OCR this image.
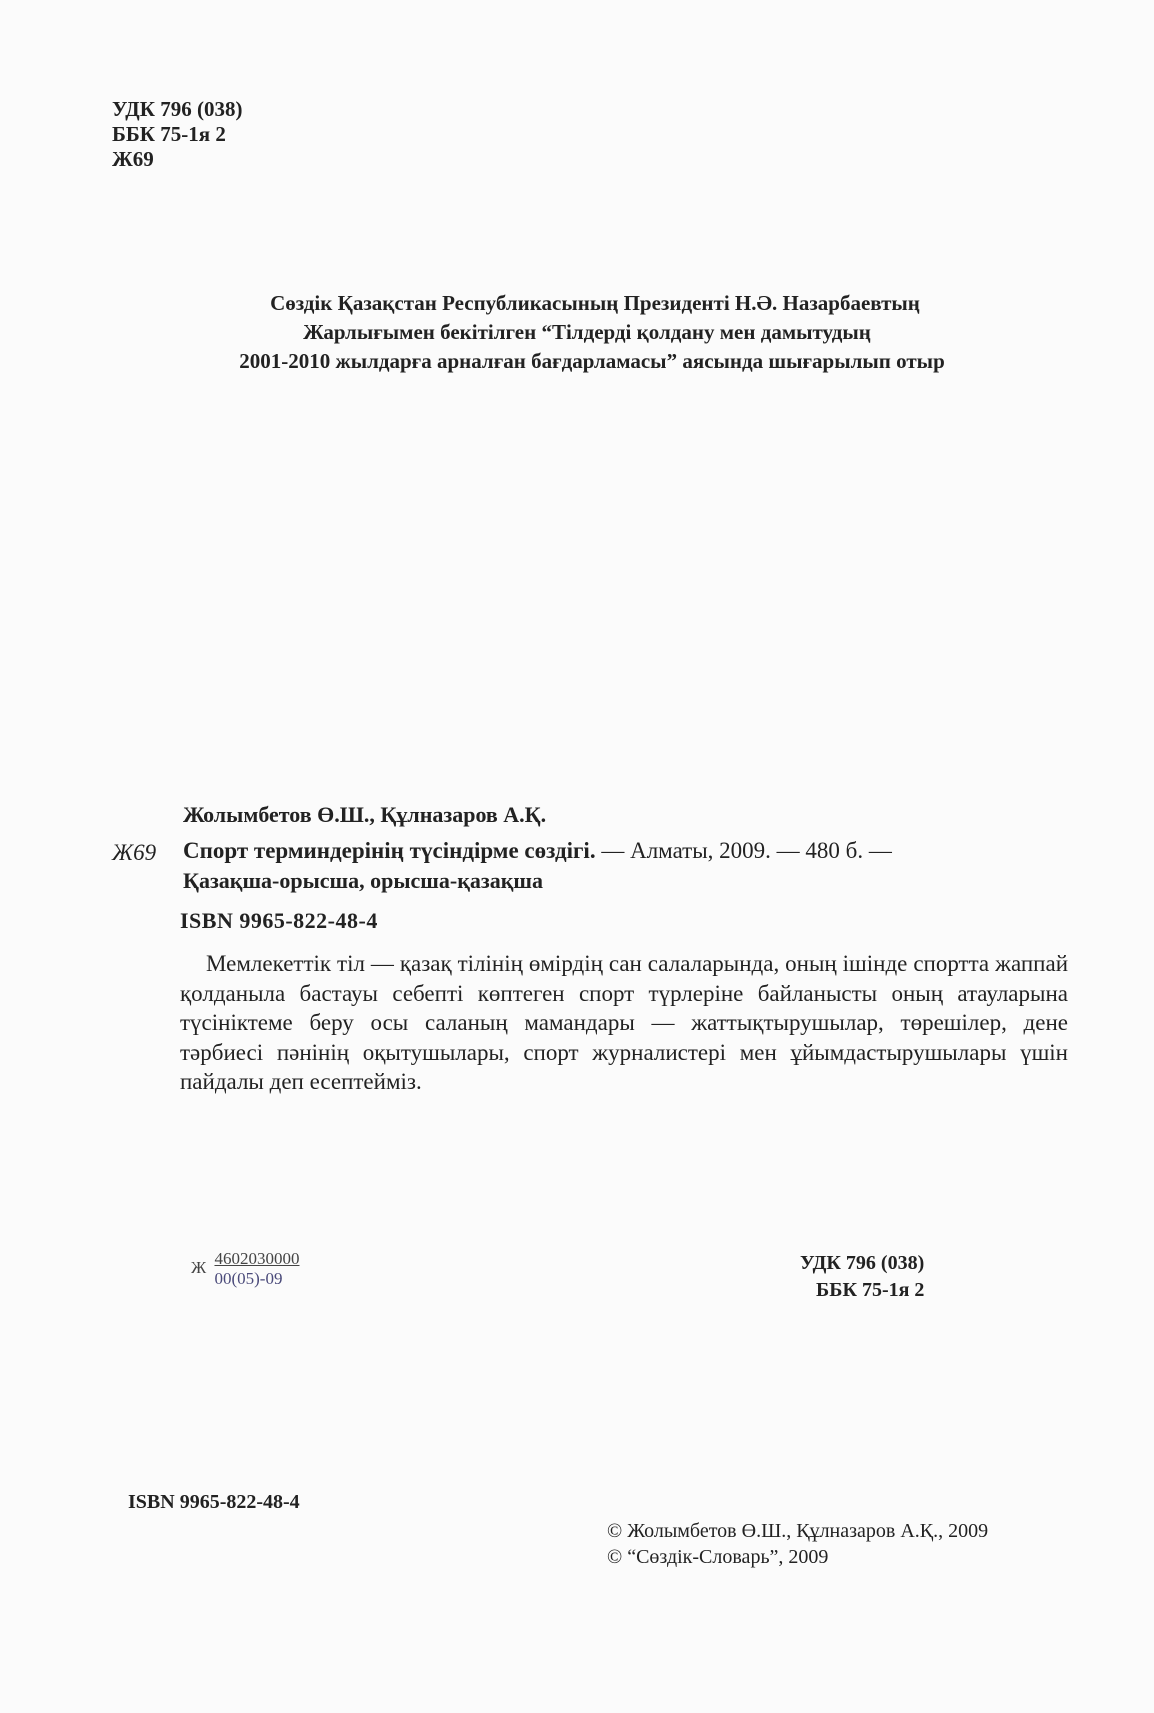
УДК 796 (038)
ББК 75-1я 2
Ж69
Сөздік Қазақстан Республикасының Президенті Н.Ә. Назарбаевтың
Жарлығымен бекітілген “Тілдерді қолдану мен дамытудың
2001-2010 жылдарға арналған бағдарламасы” аясында шығарылып отыр
Жолымбетов Ө.Ш., Құлназаров А.Қ.
Ж69 Спорт терминдерінің түсіндірме сөздігі. — Алматы, 2009. — 480 б. —
Қазақша-орысша, орысша-қазақша
ISBN 9965-822-48-4
Мемлекеттік тіл — қазақ тілінің өмірдің сан салаларында, оның ішінде спортта жаппай қолданыла бастауы себепті көптеген спорт түрлеріне байланысты оның атауларына түсініктеме беру осы саланың мамандары — жаттықтырушылар, төрешілер, дене тәрбиесі пәнінің оқытушылары, спорт журналистері мен ұйымдастырушылары үшін пайдалы деп есептейміз.
Ж $\frac{4602030000}{00(05)-09}$	УДК 796 (038)
ББК 75-1я 2
ISBN 9965-822-48-4
© Жолымбетов Ө.Ш., Құлназаров А.Қ., 2009
© “Сөздік-Словарь”, 2009
